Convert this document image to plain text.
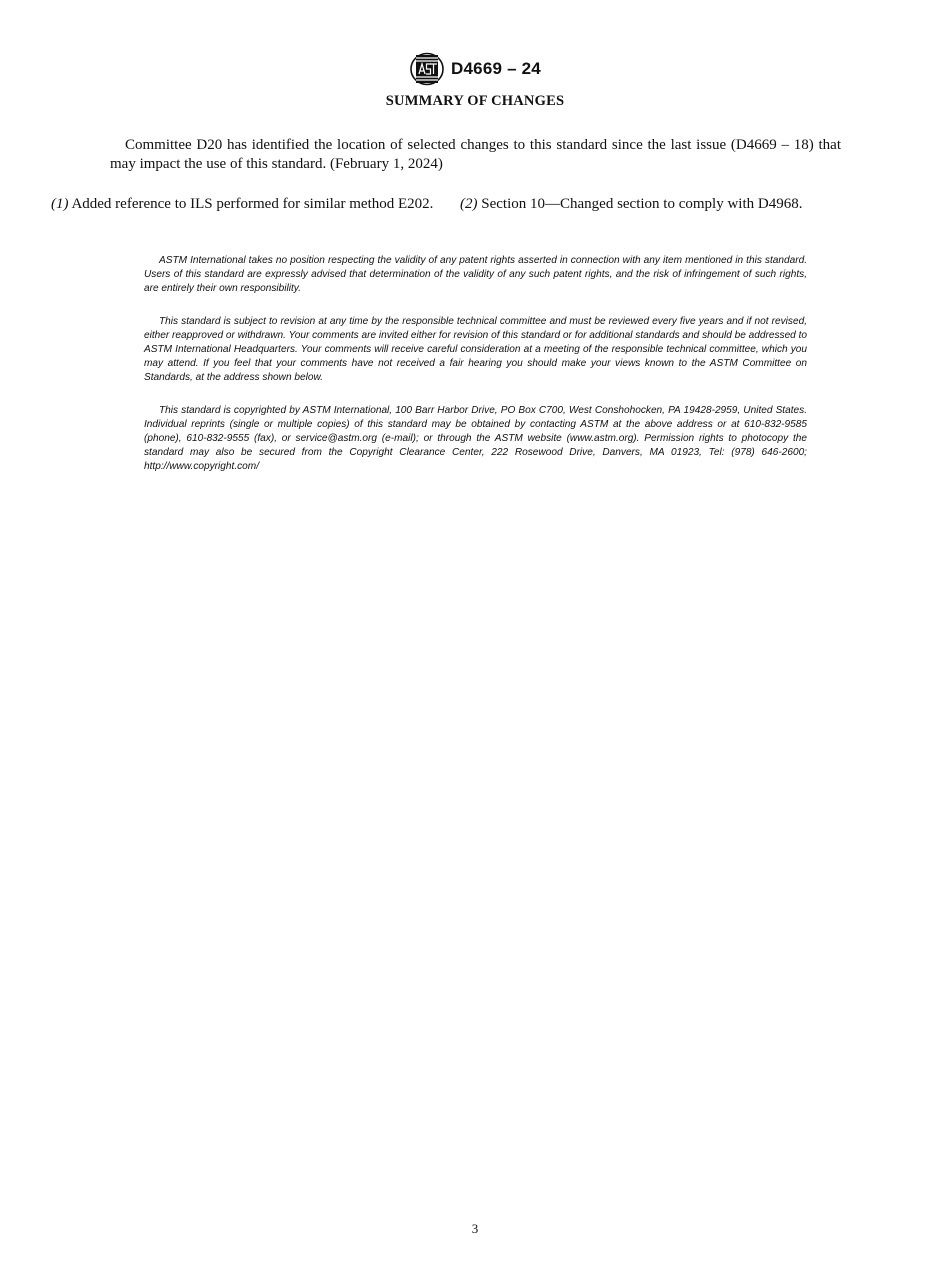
D4669 – 24
SUMMARY OF CHANGES

Committee D20 has identified the location of selected changes to this standard since the last issue (D4669 – 18) that may impact the use of this standard. (February 1, 2024)

(1) Added reference to ILS performed for similar method E202.	(2) Section 10—Changed section to comply with D4968.

ASTM International takes no position respecting the validity of any patent rights asserted in connection with any item mentioned in this standard. Users of this standard are expressly advised that determination of the validity of any such patent rights, and the risk of infringement of such rights, are entirely their own responsibility.

This standard is subject to revision at any time by the responsible technical committee and must be reviewed every five years and if not revised, either reapproved or withdrawn. Your comments are invited either for revision of this standard or for additional standards and should be addressed to ASTM International Headquarters. Your comments will receive careful consideration at a meeting of the responsible technical committee, which you may attend. If you feel that your comments have not received a fair hearing you should make your views known to the ASTM Committee on Standards, at the address shown below.

This standard is copyrighted by ASTM International, 100 Barr Harbor Drive, PO Box C700, West Conshohocken, PA 19428-2959, United States. Individual reprints (single or multiple copies) of this standard may be obtained by contacting ASTM at the above address or at 610-832-9585 (phone), 610-832-9555 (fax), or service@astm.org (e-mail); or through the ASTM website (www.astm.org). Permission rights to photocopy the standard may also be secured from the Copyright Clearance Center, 222 Rosewood Drive, Danvers, MA 01923, Tel: (978) 646-2600; http://www.copyright.com/

3
